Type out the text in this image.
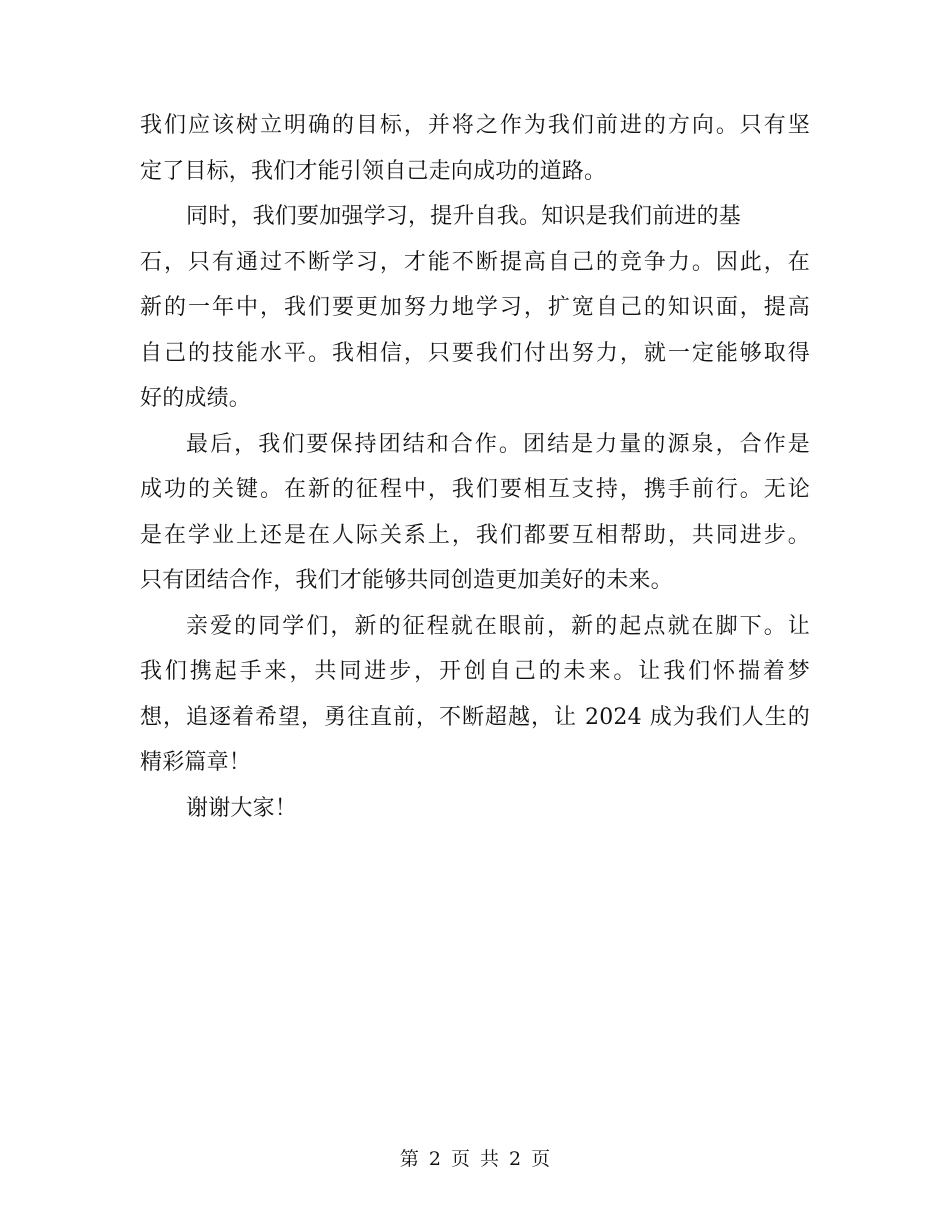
我们应该树立明确的目标，并将之作为我们前进的方向。只有坚
定了目标，我们才能引领自己走向成功的道路。
同时，我们要加强学习，提升自我。知识是我们前进的基
石，只有通过不断学习，才能不断提高自己的竞争力。因此，在
新的一年中，我们要更加努力地学习，扩宽自己的知识面，提高
自己的技能水平。我相信，只要我们付出努力，就一定能够取得
好的成绩。
最后，我们要保持团结和合作。团结是力量的源泉，合作是
成功的关键。在新的征程中，我们要相互支持，携手前行。无论
是在学业上还是在人际关系上，我们都要互相帮助，共同进步。
只有团结合作，我们才能够共同创造更加美好的未来。
亲爱的同学们，新的征程就在眼前，新的起点就在脚下。让
我们携起手来，共同进步，开创自己的未来。让我们怀揣着梦
想，追逐着希望，勇往直前，不断超越，让 2024 成为我们人生的
精彩篇章！
谢谢大家！
第 2 页 共 2 页
